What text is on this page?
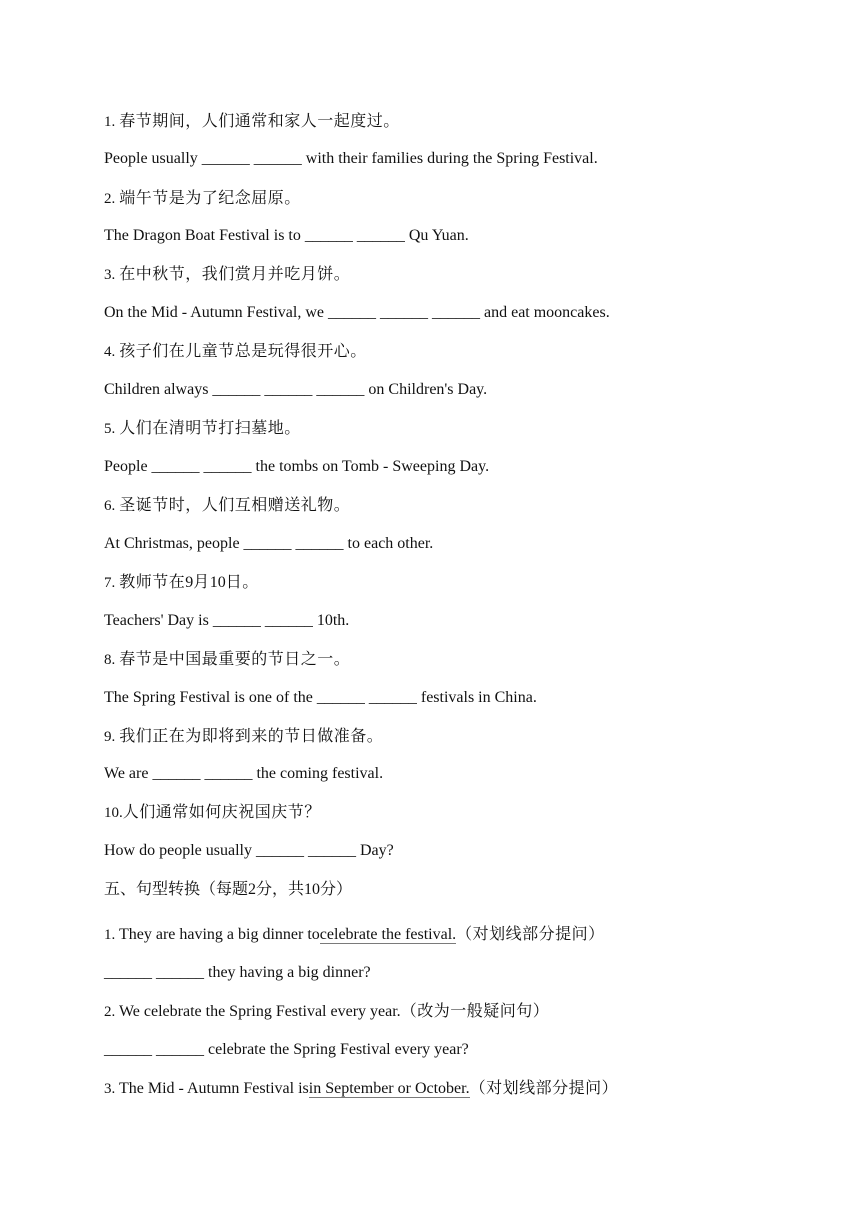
1. 春节期间，人们通常和家人一起度过。
People usually ______ ______ with their families during the Spring Festival.
2. 端午节是为了纪念屈原。
The Dragon Boat Festival is to ______ ______ Qu Yuan.
3. 在中秋节，我们赏月并吃月饼。
On the Mid - Autumn Festival, we ______ ______ ______ and eat mooncakes.
4. 孩子们在儿童节总是玩得很开心。
Children always ______ ______ ______ on Children's Day.
5. 人们在清明节打扫墓地。
People ______ ______ the tombs on Tomb - Sweeping Day.
6. 圣诞节时，人们互相赠送礼物。
At Christmas, people ______ ______ to each other.
7. 教师节在9月10日。
Teachers' Day is ______ ______ 10th.
8. 春节是中国最重要的节日之一。
The Spring Festival is one of the ______ ______ festivals in China.
9. 我们正在为即将到来的节日做准备。
We are ______ ______ the coming festival.
10.人们通常如何庆祝国庆节？
How do people usually ______ ______ Day?
五、句型转换（每题2分，共10分）
1. They are having a big dinner tocelebrate the festival.（对划线部分提问）
______ ______ they having a big dinner?
2. We celebrate the Spring Festival every year.（改为一般疑问句）
______ ______ celebrate the Spring Festival every year?
3. The Mid - Autumn Festival isin September or October.（对划线部分提问）
